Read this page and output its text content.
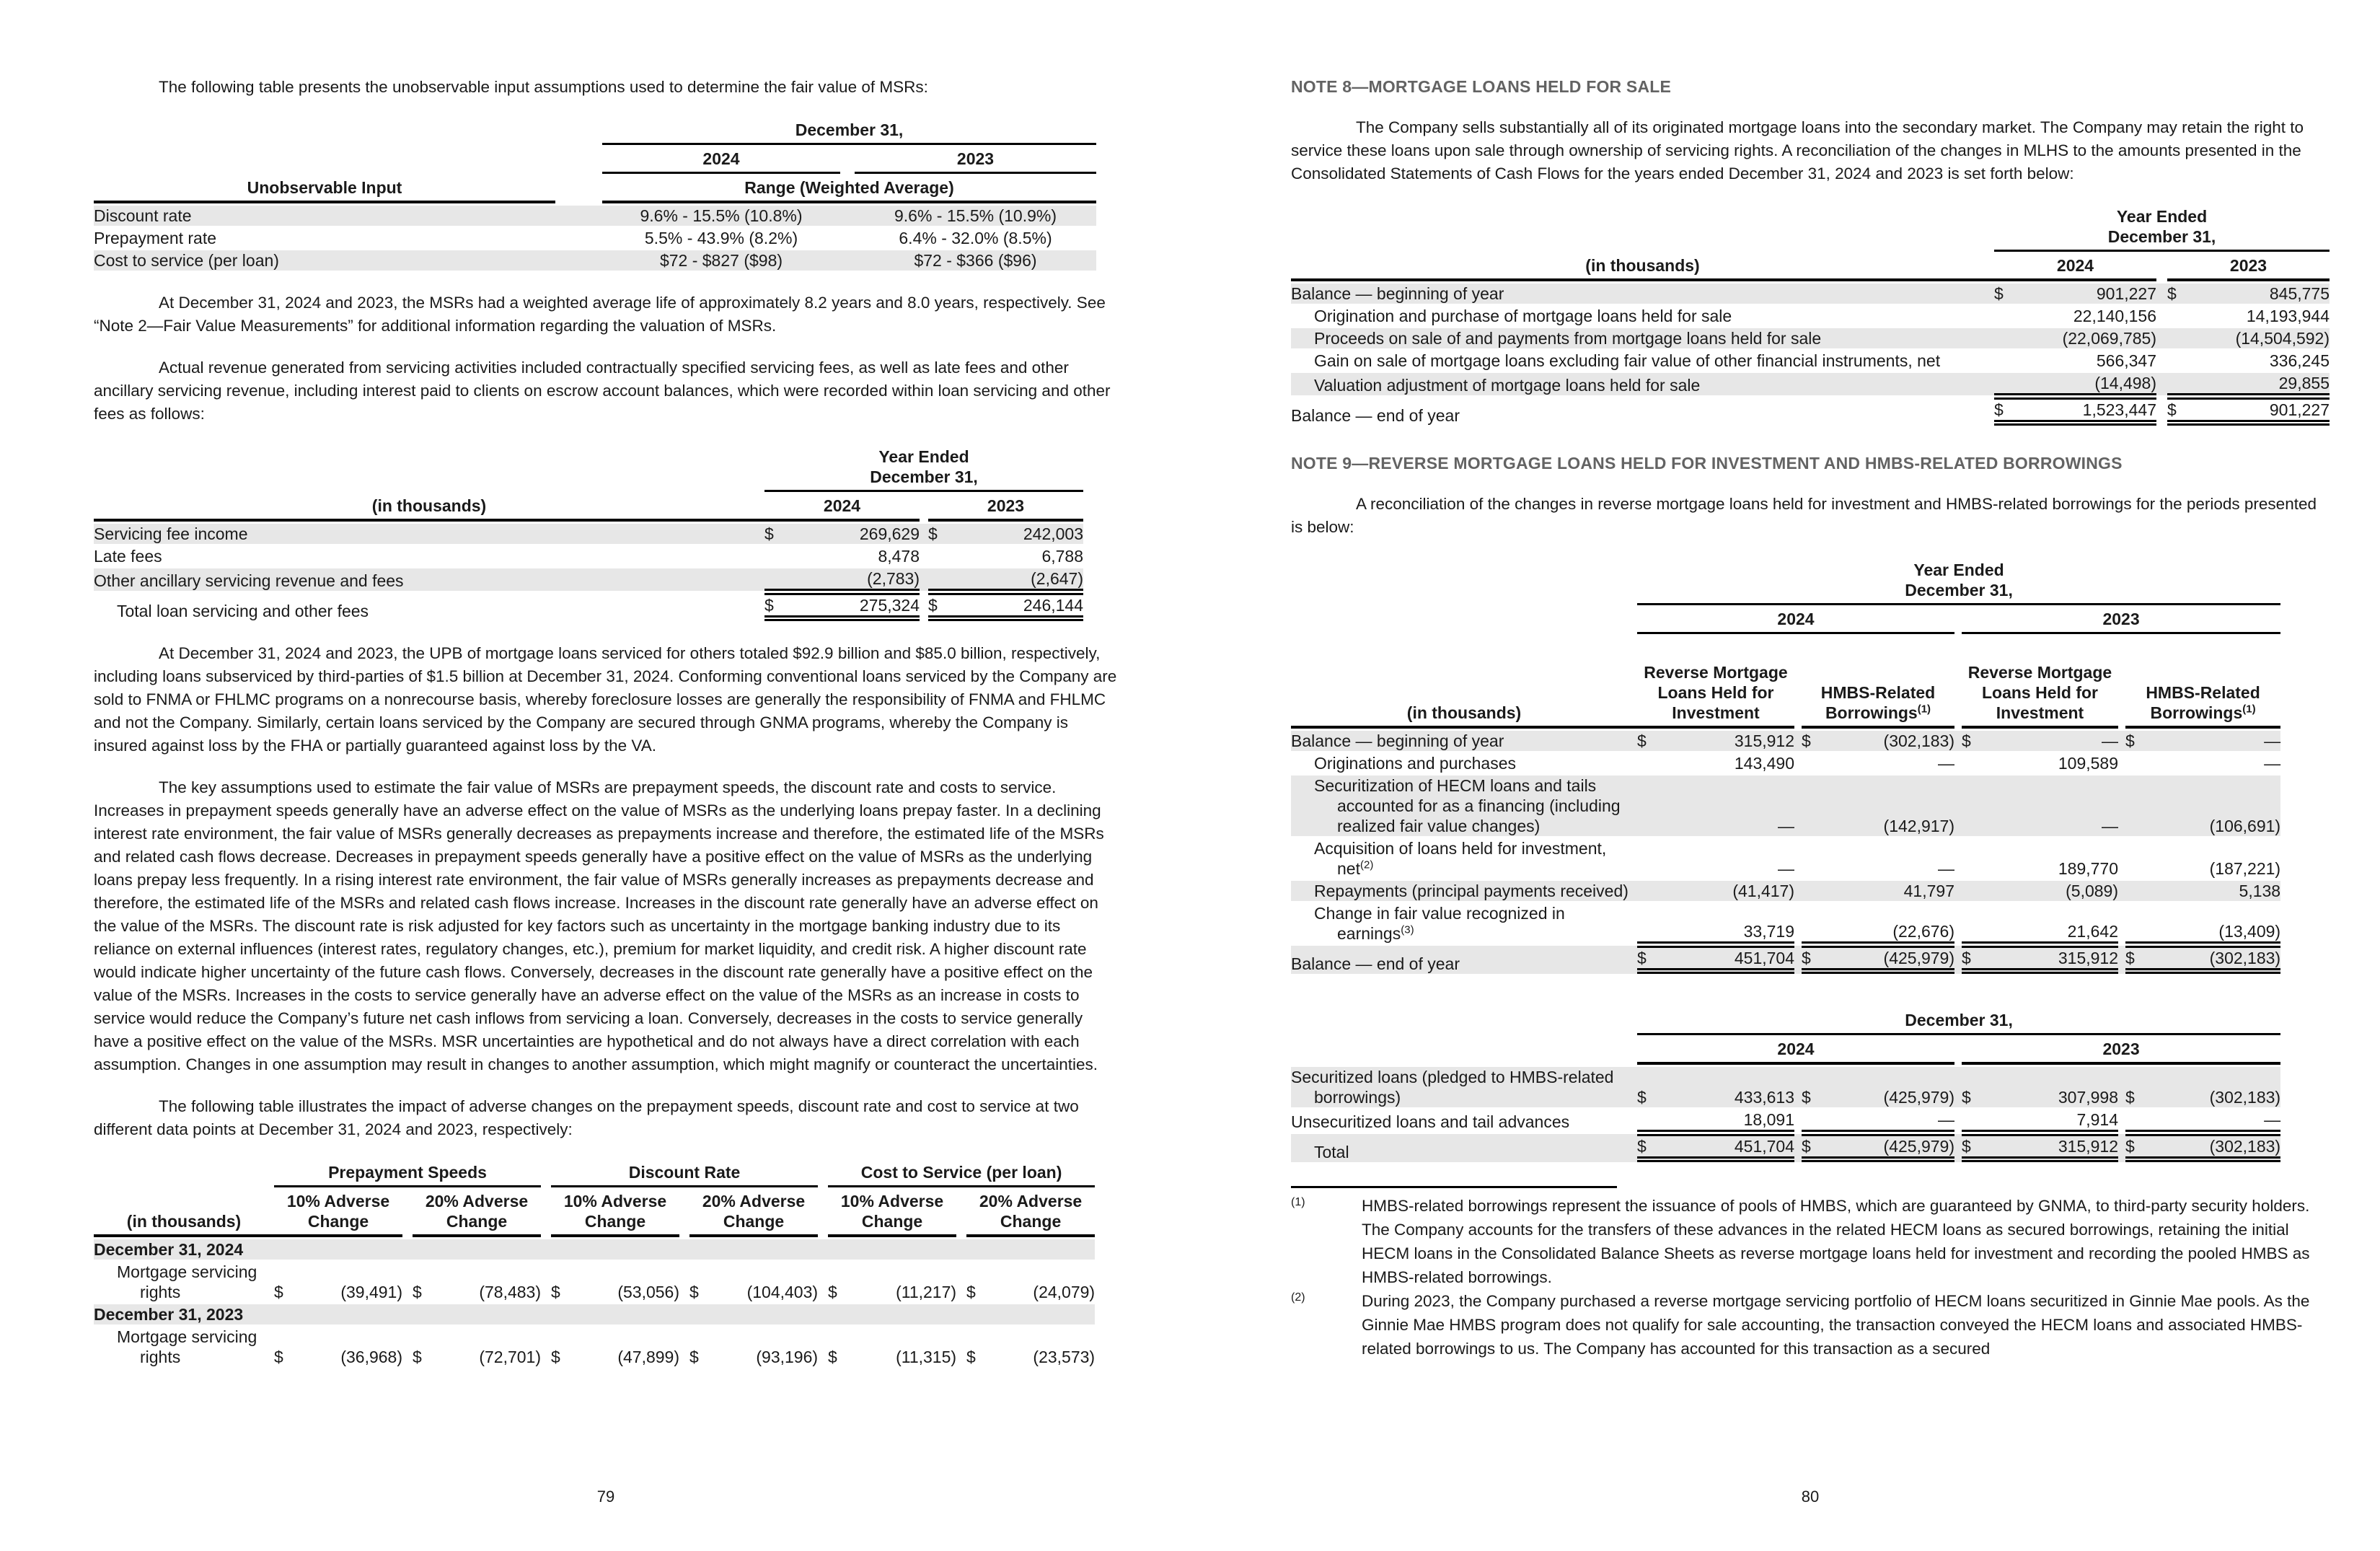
The following table presents the unobservable input assumptions used to determine the fair value of MSRs:

		December 31,		
		2024		2023
Unobservable Input		Range (Weighted Average)		
Discount rate		9.6% - 15.5% (10.8%)		9.6% - 15.5% (10.9%)

Prepayment rate		5.5% - 43.9% (8.2%)		6.4% - 32.0% (8.5%)

Cost to service (per loan)		$72 - $827 ($98)		$72 - $366 ($96)

At December 31, 2024 and 2023, the MSRs had a weighted average life of approximately 8.2 years and 8.0 years, respectively. See “Note 2—Fair Value Measurements” for additional information regarding the valuation of MSRs.

Actual revenue generated from servicing activities included contractually specified servicing fees, as well as late fees and other ancillary servicing revenue, including interest paid to clients on escrow account balances, which were recorded within loan servicing and other fees as follows:

	Year Ended
December 31,		

(in thousands)	2024		2023
Servicing fee income	$ 269,629		$ 242,003

Late fees	8,478		6,788

Other ancillary servicing revenue and fees	(2,783)		(2,647)

Total loan servicing and other fees	$ 275,324		$ 246,144

At December 31, 2024 and 2023, the UPB of mortgage loans serviced for others totaled $92.9 billion and $85.0 billion, respectively, including loans subserviced by third-parties of $1.5 billion at December 31, 2024. Conforming conventional loans serviced by the Company are sold to FNMA or FHLMC programs on a nonrecourse basis, whereby foreclosure losses are generally the responsibility of FNMA and FHLMC and not the Company. Similarly, certain loans serviced by the Company are secured through GNMA programs, whereby the Company is insured against loss by the FHA or partially guaranteed against loss by the VA.

The key assumptions used to estimate the fair value of MSRs are prepayment speeds, the discount rate and costs to service. Increases in prepayment speeds generally have an adverse effect on the value of MSRs as the underlying loans prepay faster. In a declining interest rate environment, the fair value of MSRs generally decreases as prepayments increase and therefore, the estimated life of the MSRs and related cash flows decrease. Decreases in prepayment speeds generally have a positive effect on the value of MSRs as the underlying loans prepay less frequently. In a rising interest rate environment, the fair value of MSRs generally increases as prepayments decrease and therefore, the estimated life of the MSRs and related cash flows increase. Increases in the discount rate generally have an adverse effect on the value of the MSRs. The discount rate is risk adjusted for key factors such as uncertainty in the mortgage banking industry due to its reliance on external influences (interest rates, regulatory changes, etc.), premium for market liquidity, and credit risk. A higher discount rate would indicate higher uncertainty of the future cash flows. Conversely, decreases in the discount rate generally have a positive effect on the value of the MSRs. Increases in the costs to service generally have an adverse effect on the value of the MSRs as an increase in costs to service would reduce the Company’s future net cash inflows from servicing a loan. Conversely, decreases in the costs to service generally have a positive effect on the value of the MSRs. MSR uncertainties are hypothetical and do not always have a direct correlation with each assumption. Changes in one assumption may result in changes to another assumption, which might magnify or counteract the uncertainties.

The following table illustrates the impact of adverse changes on the prepayment speeds, discount rate and cost to service at two different data points at December 31, 2024 and 2023, respectively:

	Prepayment Speeds				Discount Rate				Cost to Service (per loan)		
(in thousands)	10% Adverse Change		20% Adverse Change		10% Adverse Change		20% Adverse Change		10% Adverse Change		20% Adverse Change
December 31, 2024											
Mortgage servicing rights	$ (39,491)		$ (78,483)		$ (53,056)		$ (104,403)		$ (11,217)		$ (24,079)

December 31, 2023											
Mortgage servicing rights	$ (36,968)		$ (72,701)		$ (47,899)		$ (93,196)		$ (11,315)		$ (23,573)
NOTE 8—MORTGAGE LOANS HELD FOR SALE

The Company sells substantially all of its originated mortgage loans into the secondary market. The Company may retain the right to service these loans upon sale through ownership of servicing rights. A reconciliation of the changes in MLHS to the amounts presented in the Consolidated Statements of Cash Flows for the years ended December 31, 2024 and 2023 is set forth below:

	Year Ended
December 31,		

(in thousands)	2024		2023
Balance — beginning of year	$ 901,227		$ 845,775

Origination and purchase of mortgage loans held for sale	22,140,156		14,193,944

Proceeds on sale of and payments from mortgage loans held for sale	(22,069,785)		(14,504,592)

Gain on sale of mortgage loans excluding fair value of other financial instruments, net	566,347		336,245

Valuation adjustment of mortgage loans held for sale	(14,498)		29,855

Balance — end of year	$ 1,523,447		$ 901,227
NOTE 9—REVERSE MORTGAGE LOANS HELD FOR INVESTMENT AND HMBS-RELATED BORROWINGS

A reconciliation of the changes in reverse mortgage loans held for investment and HMBS-related borrowings for the periods presented is below:

	Year Ended
December 31,						

	2024				2023		
(in thousands)	Reverse Mortgage Loans Held for Investment		HMBS-Related Borrowings$^{(1)}$		Reverse Mortgage Loans Held for Investment		HMBS-Related Borrowings$^{(1)}$

Balance — beginning of year	$ 315,912		$ (302,183)		$ —		$ —

Originations and purchases	143,490		—		109,589		—

Securitization of HECM loans and tails accounted for as a financing (including realized fair value changes)	—		(142,917)		—		(106,691)

Acquisition of loans held for investment, net$^{(2)}$	—		—		189,770		(187,221)

Repayments (principal payments received)	(41,417)		41,797		(5,089)		5,138

Change in fair value recognized in earnings$^{(3)}$	33,719		(22,676)		21,642		(13,409)

Balance — end of year	$ 451,704		$ (425,979)		$ 315,912		$ (302,183)
	December 31,						
	2024				2023		
Securitized loans (pledged to HMBS-related borrowings)	$ 433,613		$ (425,979)		$ 307,998		$ (302,183)

Unsecuritized loans and tail advances	18,091		—		7,914		—

Total	$ 451,704		$ (425,979)		$ 315,912		$ (302,183)
(1)	HMBS-related borrowings represent the issuance of pools of HMBS, which are guaranteed by GNMA, to third-party security holders. The Company accounts for the transfers of these advances in the related HECM loans as secured borrowings, retaining the initial HECM loans in the Consolidated Balance Sheets as reverse mortgage loans held for investment and recording the pooled HMBS as HMBS-related borrowings.
(2)	During 2023, the Company purchased a reverse mortgage servicing portfolio of HECM loans securitized in Ginnie Mae pools. As the Ginnie Mae HMBS program does not qualify for sale accounting, the transaction conveyed the HECM loans and associated HMBS-related borrowings to us. The Company has accounted for this transaction as a secured
79	80
